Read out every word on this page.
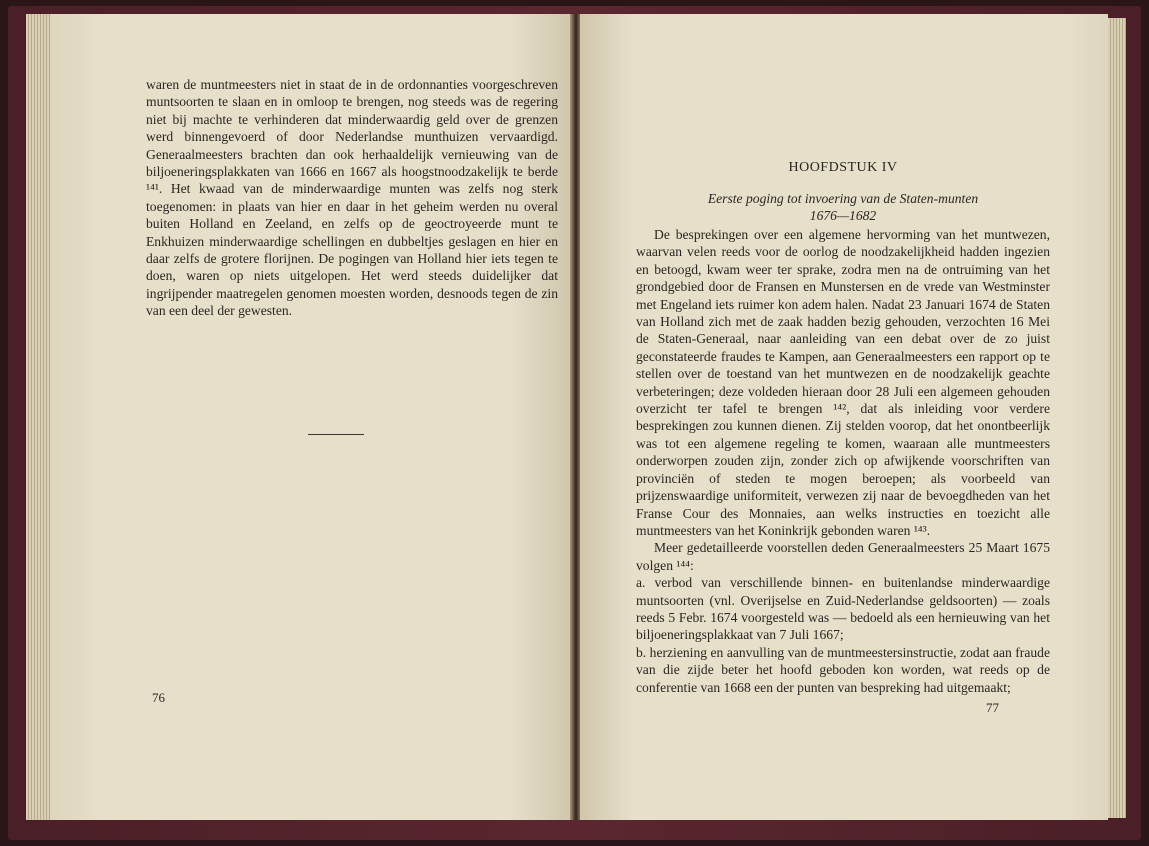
waren de muntmeesters niet in staat de in de ordonnanties voorgeschreven muntsoorten te slaan en in omloop te brengen, nog steeds was de regering niet bij machte te verhinderen dat minderwaardig geld over de grenzen werd binnengevoerd of door Nederlandse munthuizen vervaardigd. Generaalmeesters brachten dan ook herhaaldelijk vernieuwing van de biljoeneringsplakkaten van 1666 en 1667 als hoogstnoodzakelijk te berde ¹⁴¹. Het kwaad van de minderwaardige munten was zelfs nog sterk toegenomen: in plaats van hier en daar in het geheim werden nu overal buiten Holland en Zeeland, en zelfs op de geoctroyeerde munt te Enkhuizen minderwaardige schellingen en dubbeltjes geslagen en hier en daar zelfs de grotere florijnen. De pogingen van Holland hier iets tegen te doen, waren op niets uitgelopen. Het werd steeds duidelijker dat ingrijpender maatregelen genomen moesten worden, desnoods tegen de zin van een deel der gewesten.

76
HOOFDSTUK IV
Eerste poging tot invoering van de Staten-munten
1676—1682

De besprekingen over een algemene hervorming van het muntwezen, waarvan velen reeds voor de oorlog de noodzakelijkheid hadden ingezien en betoogd, kwam weer ter sprake, zodra men na de ontruiming van het grondgebied door de Fransen en Munstersen en de vrede van Westminster met Engeland iets ruimer kon adem halen. Nadat 23 Januari 1674 de Staten van Holland zich met de zaak hadden bezig gehouden, verzochten 16 Mei de Staten-Generaal, naar aanleiding van een debat over de zo juist geconstateerde fraudes te Kampen, aan Generaalmeesters een rapport op te stellen over de toestand van het muntwezen en de noodzakelijk geachte verbeteringen; deze voldeden hieraan door 28 Juli een algemeen gehouden overzicht ter tafel te brengen ¹⁴², dat als inleiding voor verdere besprekingen zou kunnen dienen. Zij stelden voorop, dat het onontbeerlijk was tot een algemene regeling te komen, waaraan alle muntmeesters onderworpen zouden zijn, zonder zich op afwijkende voorschriften van provinciën of steden te mogen beroepen; als voorbeeld van prijzenswaardige uniformiteit, verwezen zij naar de bevoegdheden van het Franse Cour des Monnaies, aan welks instructies en toezicht alle muntmeesters van het Koninkrijk gebonden waren ¹⁴³.

Meer gedetailleerde voorstellen deden Generaalmeesters 25 Maart 1675 volgen ¹⁴⁴:

a. verbod van verschillende binnen- en buitenlandse minderwaardige muntsoorten (vnl. Overijselse en Zuid-Nederlandse geldsoorten) — zoals reeds 5 Febr. 1674 voorgesteld was — bedoeld als een hernieuwing van het biljoeneringsplakkaat van 7 Juli 1667;

b. herziening en aanvulling van de muntmeestersinstructie, zodat aan fraude van die zijde beter het hoofd geboden kon worden, wat reeds op de conferentie van 1668 een der punten van bespreking had uitgemaakt;

77
